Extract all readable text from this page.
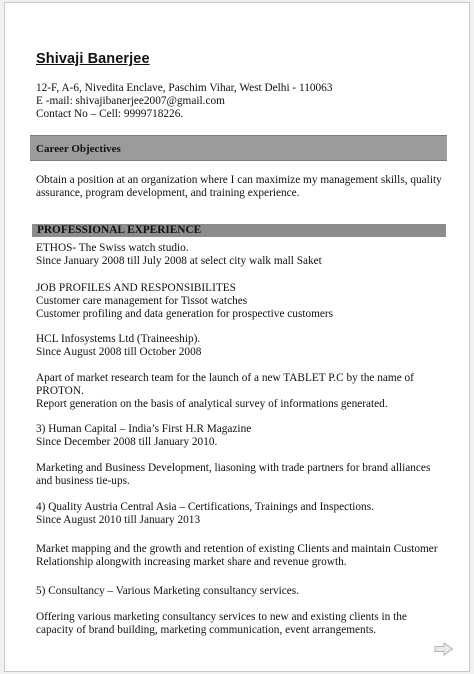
Shivaji Banerjee
12-F, A-6, Nivedita Enclave, Paschim Vihar, West Delhi - 110063
E -mail: shivajibanerjee2007@gmail.com
Contact No – Cell: 9999718226.
Career Objectives
Obtain a position at an organization where I can maximize my management skills, quality
assurance, program development, and training experience.
PROFESSIONAL EXPERIENCE
ETHOS- The Swiss watch studio.
Since January 2008 till July 2008 at select city walk mall Saket
JOB PROFILES AND RESPONSIBILITES
Customer care management for Tissot watches
Customer profiling and data generation for prospective customers
HCL Infosystems Ltd (Traineeship).
Since August 2008 till October 2008
Apart of market research team for the launch of a new TABLET P.C by the name of
PROTON.
Report generation on the basis of analytical survey of informations generated.
3) Human Capital – India’s First H.R Magazine
Since December 2008 till January 2010.
Marketing and Business Development, liasoning with trade partners for brand alliances
and business tie-ups.
4) Quality Austria Central Asia – Certifications, Trainings and Inspections.
Since August 2010 till January 2013
Market mapping and the growth and retention of existing Clients and maintain Customer
Relationship alongwith increasing market share and revenue growth.
5) Consultancy – Various Marketing consultancy services.
Offering various marketing consultancy services to new and existing clients in the
capacity of brand building, marketing communication, event arrangements.
